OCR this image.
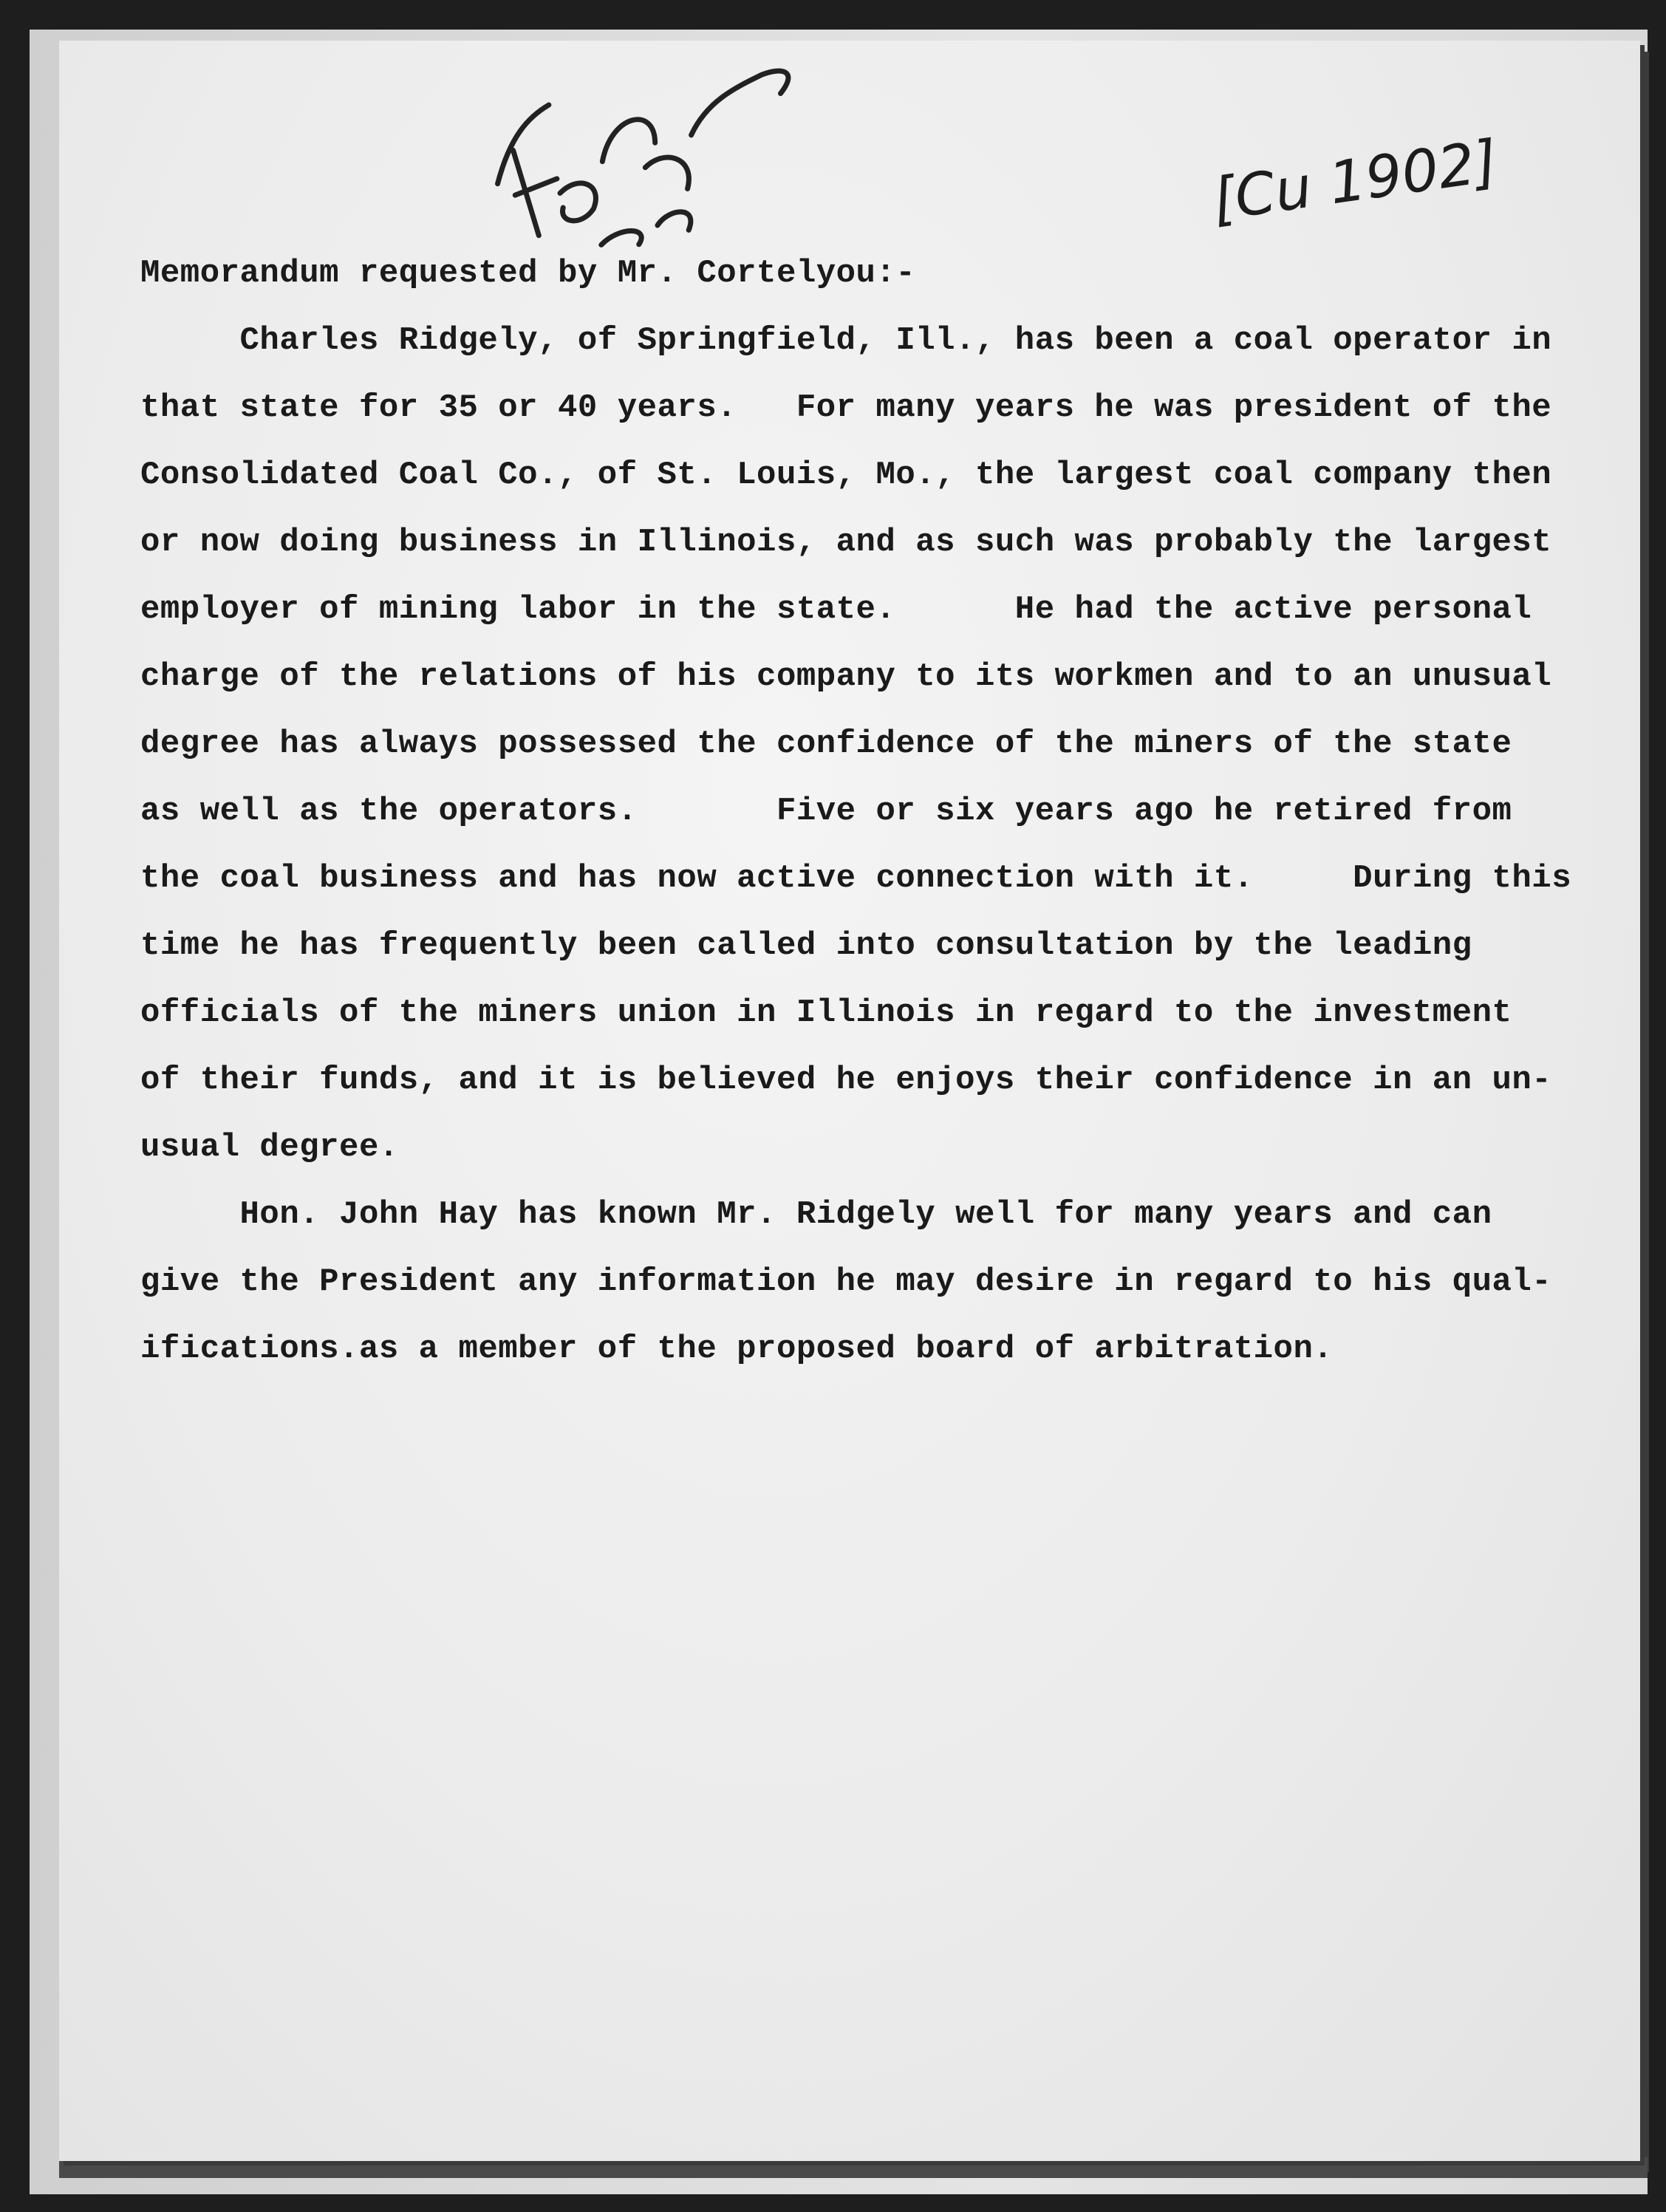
[Cu 1902]
Memorandum requested by Mr. Cortelyou:-
Charles Ridgely, of Springfield, Ill., has been a coal operator in
that state for 35 or 40 years.   For many years he was president of the
Consolidated Coal Co., of St. Louis, Mo., the largest coal company then
or now doing business in Illinois, and as such was probably the largest
employer of mining labor in the state.      He had the active personal
charge of the relations of his company to its workmen and to an unusual
degree has always possessed the confidence of the miners of the state
as well as the operators.       Five or six years ago he retired from
the coal business and has now active connection with it.     During this
time he has frequently been called into consultation by the leading
officials of the miners union in Illinois in regard to the investment
of their funds, and it is believed he enjoys their confidence in an un-
usual degree.
Hon. John Hay has known Mr. Ridgely well for many years and can
give the President any information he may desire in regard to his qual-
ifications.as a member of the proposed board of arbitration.
